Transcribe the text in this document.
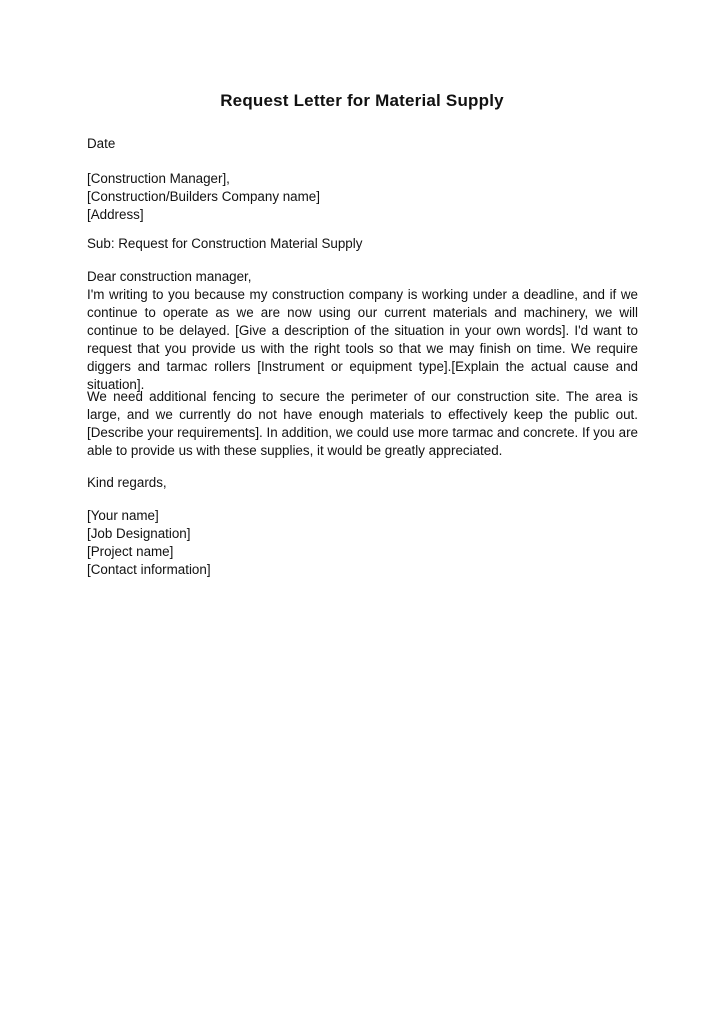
Request Letter for Material Supply
Date
[Construction Manager],
[Construction/Builders Company name]
[Address]
Sub: Request for Construction Material Supply
Dear construction manager,
I'm writing to you because my construction company is working under a deadline, and if we continue to operate as we are now using our current materials and machinery, we will continue to be delayed. [Give a description of the situation in your own words]. I'd want to request that you provide us with the right tools so that we may finish on time. We require diggers and tarmac rollers [Instrument or equipment type].[Explain the actual cause and situation].
We need additional fencing to secure the perimeter of our construction site. The area is large, and we currently do not have enough materials to effectively keep the public out. [Describe your requirements]. In addition, we could use more tarmac and concrete. If you are able to provide us with these supplies, it would be greatly appreciated.
Kind regards,
[Your name]
[Job Designation]
[Project name]
[Contact information]
